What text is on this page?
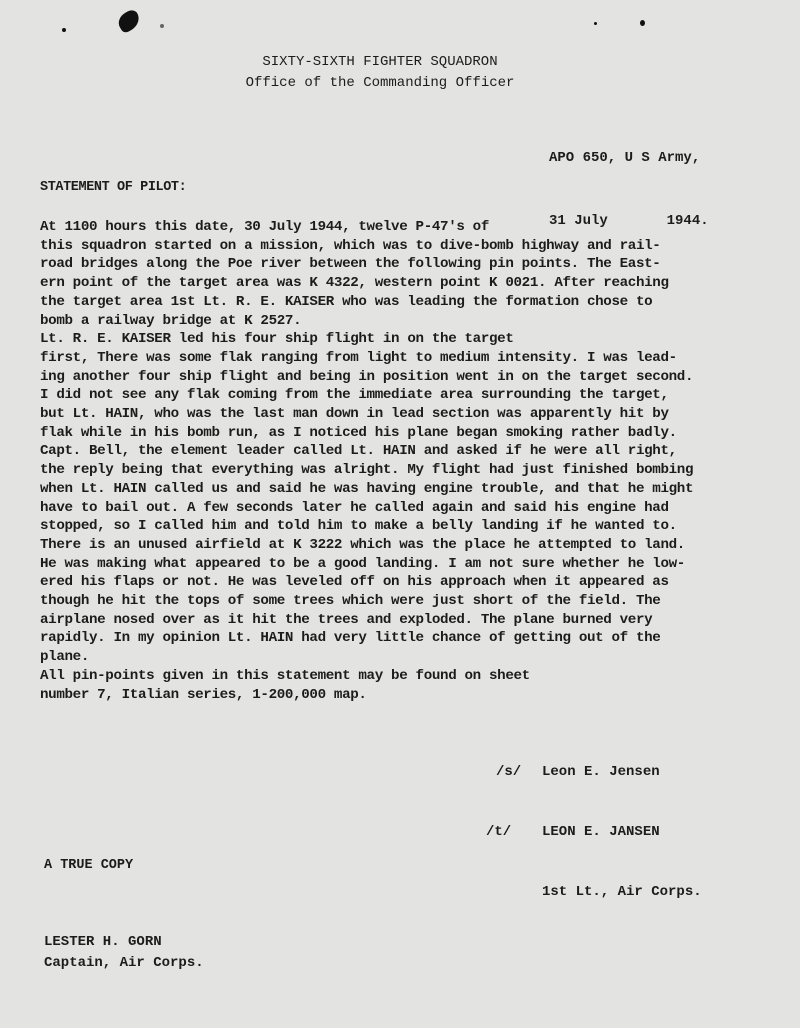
SIXTY-SIXTH FIGHTER SQUADRON
Office of the Commanding Officer

APO 650, U S Army,

31 July       1944.

STATEMENT OF PILOT:

At 1100 hours this date, 30 July 1944, twelve P-47's of
this squadron started on a mission, which was to dive-bomb highway and rail-
road bridges along the Poe river between the following pin points. The East-
ern point of the target area was K 4322, western point K 0021. After reaching
the target area 1st Lt. R. E. KAISER who was leading the formation chose to
bomb a railway bridge at K 2527.

Lt. R. E. KAISER led his four ship flight in on the target
first, There was some flak ranging from light to medium intensity. I was lead-
ing another four ship flight and being in position went in on the target second.
I did not see any flak coming from the immediate area surrounding the target,
but Lt. HAIN, who was the last man down in lead section was apparently hit by
flak while in his bomb run, as I noticed his plane began smoking rather badly.
Capt. Bell, the element leader called Lt. HAIN and asked if he were all right,
the reply being that everything was alright. My flight had just finished bombing
when Lt. HAIN called us and said he was having engine trouble, and that he might
have to bail out. A few seconds later he called again and said his engine had
stopped, so I called him and told him to make a belly landing if he wanted to.
There is an unused airfield at K 3222 which was the place he attempted to land.
He was making what appeared to be a good landing. I am not sure whether he low-
ered his flaps or not. He was leveled off on his approach when it appeared as
though he hit the tops of some trees which were just short of the field. The
airplane nosed over as it hit the trees and exploded. The plane burned very
rapidly. In my opinion Lt. HAIN had very little chance of getting out of the
plane.

All pin-points given in this statement may be found on sheet
number 7, Italian series, 1-200,000 map.

/s/	Leon E. Jensen

/t/	LEON E. JANSEN

1st Lt., Air Corps.

A TRUE COPY
LESTER H. GORN
Captain, Air Corps.
